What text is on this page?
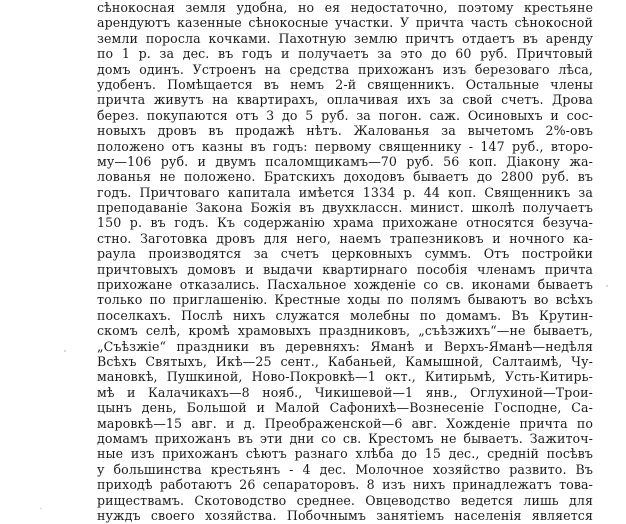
сѣнокосная земля удобна, но ея недостаточно, поэтому крестьяне
арендуютъ казенные сѣнокосные участки. У причта часть сѣнокосной
земли поросла кочками. Пахотную землю причтъ отдаетъ въ аренду
по 1 р. за дес. въ годъ и получаетъ за это до 60 руб. Причтовый
домъ одинъ. Устроенъ на средства прихожанъ изъ березоваго лѣса,
удобенъ. Помѣщается въ немъ 2-й священникъ. Остальные члены
причта живутъ на квартирахъ, оплачивая ихъ за свой счетъ. Дрова
берез. покупаются отъ 3 до 5 руб. за погон. саж. Осиновыхъ и сос-
новыхъ дровъ въ продажѣ нѣтъ. Жалованья за вычетомъ 2%-овъ
положено отъ казны въ годъ: первому священнику - 147 руб., второ-
му—106 руб. и двумъ псаломщикамъ—70 руб. 56 коп. Діакону жа-
лованья не положено. Братскихъ доходовъ бываетъ до 2800 руб. въ
годъ. Причтоваго капитала имѣется 1334 р. 44 коп. Священникъ за
преподаваніе Закона Божія въ двухклассн. минист. школѣ получаетъ
150 р. въ годъ. Къ содержанію храма прихожане относятся безуча-
стно. Заготовка дровъ для него, наемъ трапезниковъ и ночного ка-
раула производятся за счетъ церковныхъ суммъ. Отъ постройки
причтовыхъ домовъ и выдачи квартирнаго пособія членамъ причта
прихожане отказались. Пасхальное хожденіе со св. иконами бываетъ
только по приглашенію. Крестные ходы по полямъ бываютъ во всѣхъ
поселкахъ. Послѣ нихъ служатся молебны по домамъ. Въ Крутин-
скомъ селѣ, кромѣ храмовыхъ праздниковъ, „съѣзжихъ“—не бываетъ,
„Съѣзжіе“ праздники въ деревняхъ: Яманѣ и Верхъ-Яманѣ—недѣля
Всѣхъ Святыхъ, Икѣ—25 сент., Кабаньей, Камышной, Салтаимѣ, Чу-
мановкѣ, Пушкиной, Ново-Покровкѣ—1 окт., Китирьмѣ, Усть-Китирь-
мѣ и Калачикахъ—8 нояб., Чикишевой—1 янв., Оглухиной—Трои-
цынъ день, Большой и Малой Сафонихѣ—Вознесеніе Господне, Са-
маровкѣ—15 авг. и д. Преображенской—6 авг. Хожденіе причта по
домамъ прихожанъ въ эти дни со св. Крестомъ не бываетъ. Зажиточ-
ные изъ прихожанъ сѣютъ разнаго хлѣба до 15 дес., средній посѣвъ
у большинства крестьянъ - 4 дес. Молочное хозяйство развито. Въ
приходѣ работаютъ 26 сепараторовъ. 8 изъ нихъ принадлежатъ това-
риществамъ. Скотоводство среднее. Овцеводство ведется лишь для
нуждъ своего хозяйства. Побочнымъ занятіемъ населенія является
